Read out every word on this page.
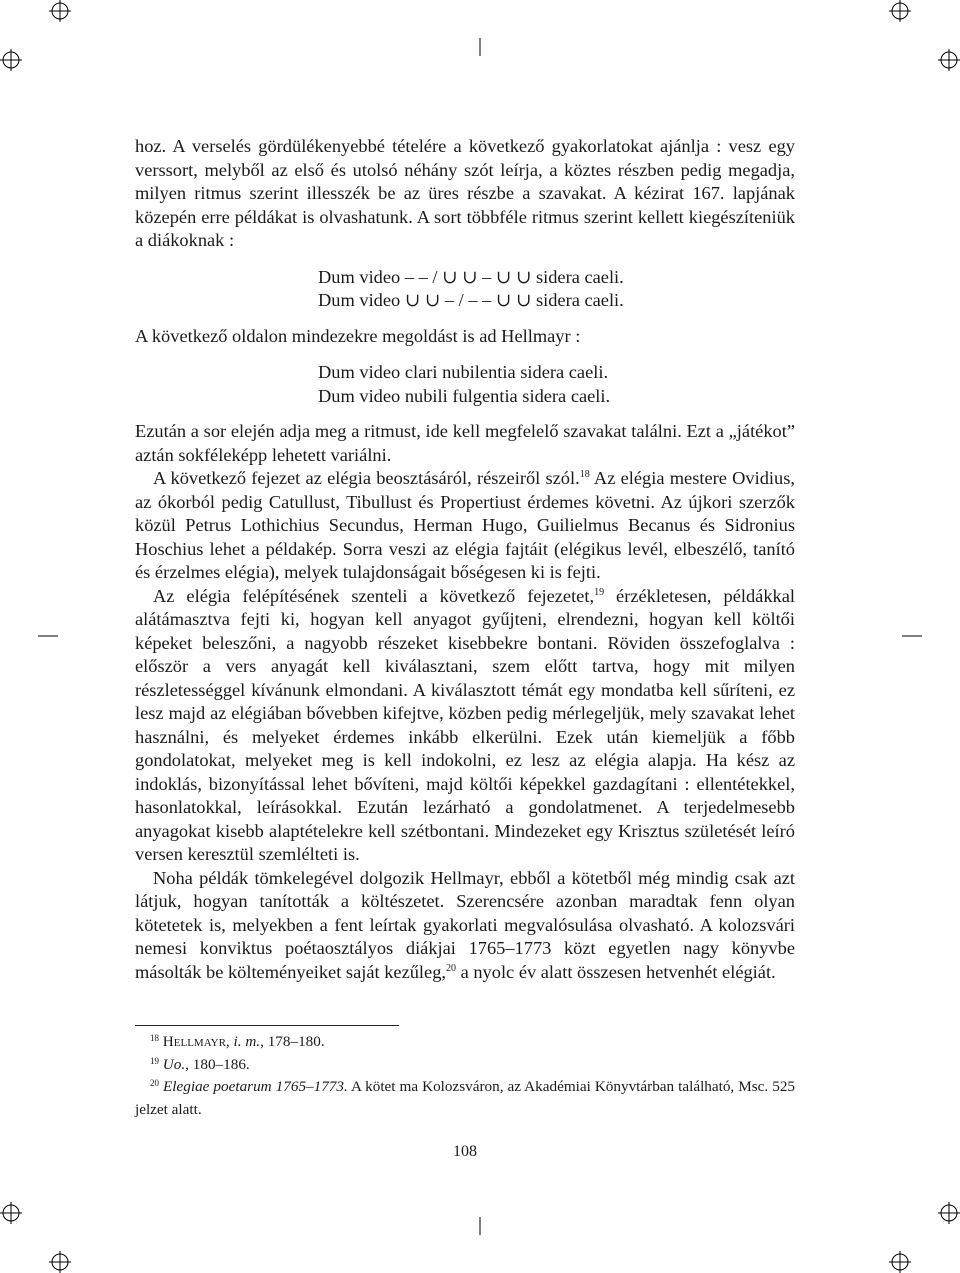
hoz. A verselés gördülékenyebbé tételére a következő gyakorlatokat ajánlja : vesz egy verssort, melyből az első és utolsó néhány szót leírja, a köztes részben pedig megadja, milyen ritmus szerint illesszék be az üres részbe a szavakat. A kézirat 167. lapjának közepén erre példákat is olvashatunk. A sort többféle ritmus szerint kellett kiegészíteniük a diákoknak :

Dum video – – / ∪ ∪ – ∪ ∪ sidera caeli.

Dum video ∪ ∪ – / – – ∪ ∪ sidera caeli.

A következő oldalon mindezekre megoldást is ad Hellmayr :

Dum video clari nubilentia sidera caeli.

Dum video nubili fulgentia sidera caeli.

Ezután a sor elején adja meg a ritmust, ide kell megfelelő szavakat találni. Ezt a „játékot” aztán sokféleképp lehetett variálni.

A következő fejezet az elégia beosztásáról, részeiről szól.$^{18}$ Az elégia mestere Ovidius, az ókorból pedig Catullust, Tibullust és Propertiust érdemes követni. Az újkori szerzők közül Petrus Lothichius Secundus, Herman Hugo, Guilielmus Becanus és Sidronius Hoschius lehet a példakép. Sorra veszi az elégia fajtáit (elégikus levél, elbeszélő, tanító és érzelmes elégia), melyek tulajdonságait bőségesen ki is fejti.

Az elégia felépítésének szenteli a következő fejezetet,$^{19}$ érzékletesen, példákkal alátámasztva fejti ki, hogyan kell anyagot gyűjteni, elrendezni, hogyan kell költői képeket beleszőni, a nagyobb részeket kisebbekre bontani. Röviden összefoglalva : először a vers anyagát kell kiválasztani, szem előtt tartva, hogy mit milyen részletességgel kívánunk elmondani. A kiválasztott témát egy mondatba kell sűríteni, ez lesz majd az elégiában bővebben kifejtve, közben pedig mérlegeljük, mely szavakat lehet használni, és melyeket érdemes inkább elkerülni. Ezek után kiemeljük a főbb gondolatokat, melyeket meg is kell indokolni, ez lesz az elégia alapja. Ha kész az indoklás, bizonyítással lehet bővíteni, majd költői képekkel gazdagítani : ellentétekkel, hasonlatokkal, leírásokkal. Ezután lezárható a gondolatmenet. A terjedelmesebb anyagokat kisebb alaptételekre kell szétbontani. Mindezeket egy Krisztus születését leíró versen keresztül szemlélteti is.

Noha példák tömkelegével dolgozik Hellmayr, ebből a kötetből még mindig csak azt látjuk, hogyan tanították a költészetet. Szerencsére azonban maradtak fenn olyan kötetetek is, melyekben a fent leírtak gyakorlati megvalósulása olvasható. A kolozsvári nemesi konviktus poétaosztályos diákjai 1765–1773 közt egyetlen nagy könyvbe másolták be költeményeiket saját kezűleg,$^{20}$ a nyolc év alatt összesen hetvenhét elégiát.

$^{18}$ Hellmayr, i. m., 178–180.

$^{19}$ Uo., 180–186.

$^{20}$ Elegiae poetarum 1765–1773. A kötet ma Kolozsváron, az Akadémiai Könyvtárban található, Msc. 525 jelzet alatt.

108
